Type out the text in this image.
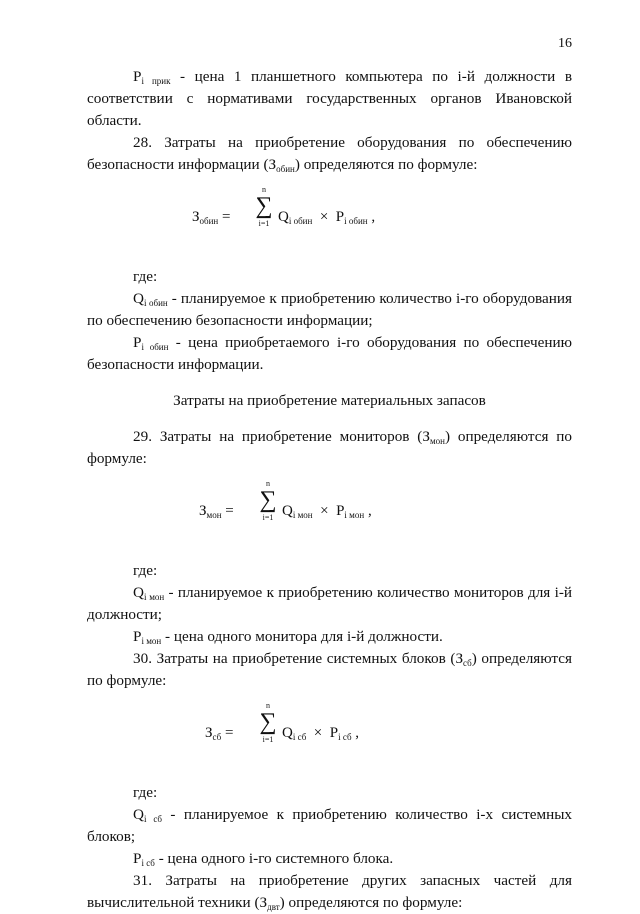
16

$P_{i прик}$ - цена 1 планшетного компьютера по i-й должности в соответствии с нормативами государственных органов Ивановской области.

28. Затраты на приобретение оборудования по обеспечению безопасности информации $(З_{обин})$ определяются по формуле:

$З_{обин}$ =
n
∑
i=1 $Q_{i обин} \times P_{i обин}$ ,

где:

$Q_{i обин}$ - планируемое к приобретению количество i-го оборудования по обеспечению безопасности информации;

$P_{i обин}$ - цена приобретаемого i-го оборудования по обеспечению безопасности информации.

Затраты на приобретение материальных запасов

29. Затраты на приобретение мониторов $(З_{мон})$ определяются по формуле:

$З_{мон}$ =
n
∑
i=1 $Q_{i мон} \times P_{i мон}$ ,

где:

$Q_{i мон}$ - планируемое к приобретению количество мониторов для i-й должности;

$P_{i мон}$ - цена одного монитора для i-й должности.

30. Затраты на приобретение системных блоков $(З_{сб})$ определяются по формуле:

$З_{сб}$ =
n
∑
i=1 $Q_{i сб} \times P_{i сб}$ ,

где:

$Q_{i сб}$ - планируемое к приобретению количество i-х системных блоков;

$P_{i сб}$ - цена одного i-го системного блока.

31. Затраты на приобретение других запасных частей для вычислительной техники $(З_{двт})$ определяются по формуле:
